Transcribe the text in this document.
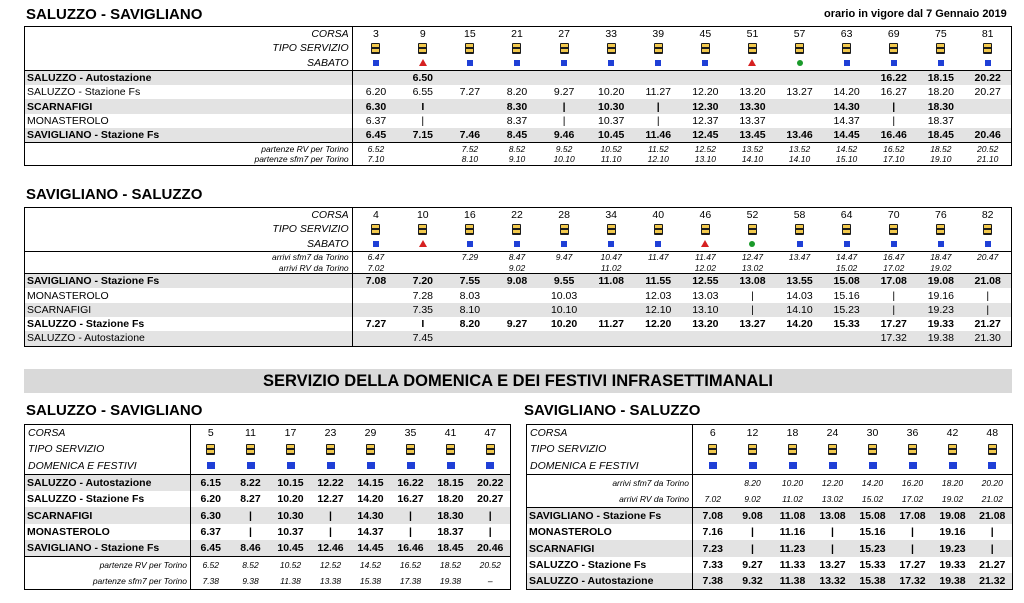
SALUZZO - SAVIGLIANO	orario in vigore dal 7 Gennaio 2019
CORSA	3	9	15	21	27	33	39	45	51	57	63	69	75	81
TIPO SERVIZIO														
SABATO														
SALUZZO - Autostazione		6.50										16.22	18.15	20.22
SALUZZO - Stazione Fs	6.20	6.55	7.27	8.20	9.27	10.20	11.27	12.20	13.20	13.27	14.20	16.27	18.20	20.27
SCARNAFIGI	6.30	I		8.30	|	10.30	|	12.30	13.30		14.30	|	18.30	
MONASTEROLO	6.37	|		8.37	|	10.37	|	12.37	13.37		14.37	|	18.37	
SAVIGLIANO - Stazione Fs	6.45	7.15	7.46	8.45	9.46	10.45	11.46	12.45	13.45	13.46	14.45	16.46	18.45	20.46
partenze RV per Torino	6.52		7.52	8.52	9.52	10.52	11.52	12.52	13.52	13.52	14.52	16.52	18.52	20.52
partenze sfm7 per Torino	7.10		8.10	9.10	10.10	11.10	12.10	13.10	14.10	14.10	15.10	17.10	19.10	21.10
SAVIGLIANO - SALUZZO
CORSA	4	10	16	22	28	34	40	46	52	58	64	70	76	82
TIPO SERVIZIO														
SABATO														
arrivi sfm7 da Torino	6.47		7.29	8.47	9.47	10.47	11.47	11.47	12.47	13.47	14.47	16.47	18.47	20.47
arrivi RV da Torino	7.02			9.02		11.02		12.02	13.02		15.02	17.02	19.02	
SAVIGLIANO - Stazione Fs	7.08	7.20	7.55	9.08	9.55	11.08	11.55	12.55	13.08	13.55	15.08	17.08	19.08	21.08
MONASTEROLO		7.28	8.03		10.03		12.03	13.03	|	14.03	15.16	|	19.16	|
SCARNAFIGI		7.35	8.10		10.10		12.10	13.10	|	14.10	15.23	|	19.23	|
SALUZZO - Stazione Fs	7.27	I	8.20	9.27	10.20	11.27	12.20	13.20	13.27	14.20	15.33	17.27	19.33	21.27
SALUZZO - Autostazione		7.45										17.32	19.38	21.30
SERVIZIO DELLA DOMENICA E DEI FESTIVI INFRASETTIMANALI
SALUZZO - SAVIGLIANO
CORSA	5	11	17	23	29	35	41	47
TIPO SERVIZIO								
DOMENICA E FESTIVI								
SALUZZO - Autostazione	6.15	8.22	10.15	12.22	14.15	16.22	18.15	20.22
SALUZZO - Stazione Fs	6.20	8.27	10.20	12.27	14.20	16.27	18.20	20.27
SCARNAFIGI	6.30	|	10.30	|	14.30	|	18.30	|
MONASTEROLO	6.37	|	10.37	|	14.37	|	18.37	|
SAVIGLIANO - Stazione Fs	6.45	8.46	10.45	12.46	14.45	16.46	18.45	20.46
partenze RV per Torino	6.52	8.52	10.52	12.52	14.52	16.52	18.52	20.52
partenze sfm7 per Torino	7.38	9.38	11.38	13.38	15.38	17.38	19.38	–
SAVIGLIANO - SALUZZO
CORSA	6	12	18	24	30	36	42	48
TIPO SERVIZIO								
DOMENICA E FESTIVI								
arrivi sfm7 da Torino		8.20	10.20	12.20	14.20	16.20	18.20	20.20
arrivi RV da Torino	7.02	9.02	11.02	13.02	15.02	17.02	19.02	21.02
SAVIGLIANO - Stazione Fs	7.08	9.08	11.08	13.08	15.08	17.08	19.08	21.08
MONASTEROLO	7.16	|	11.16	|	15.16	|	19.16	|
SCARNAFIGI	7.23	|	11.23	|	15.23	|	19.23	|
SALUZZO - Stazione Fs	7.33	9.27	11.33	13.27	15.33	17.27	19.33	21.27
SALUZZO - Autostazione	7.38	9.32	11.38	13.32	15.38	17.32	19.38	21.32
